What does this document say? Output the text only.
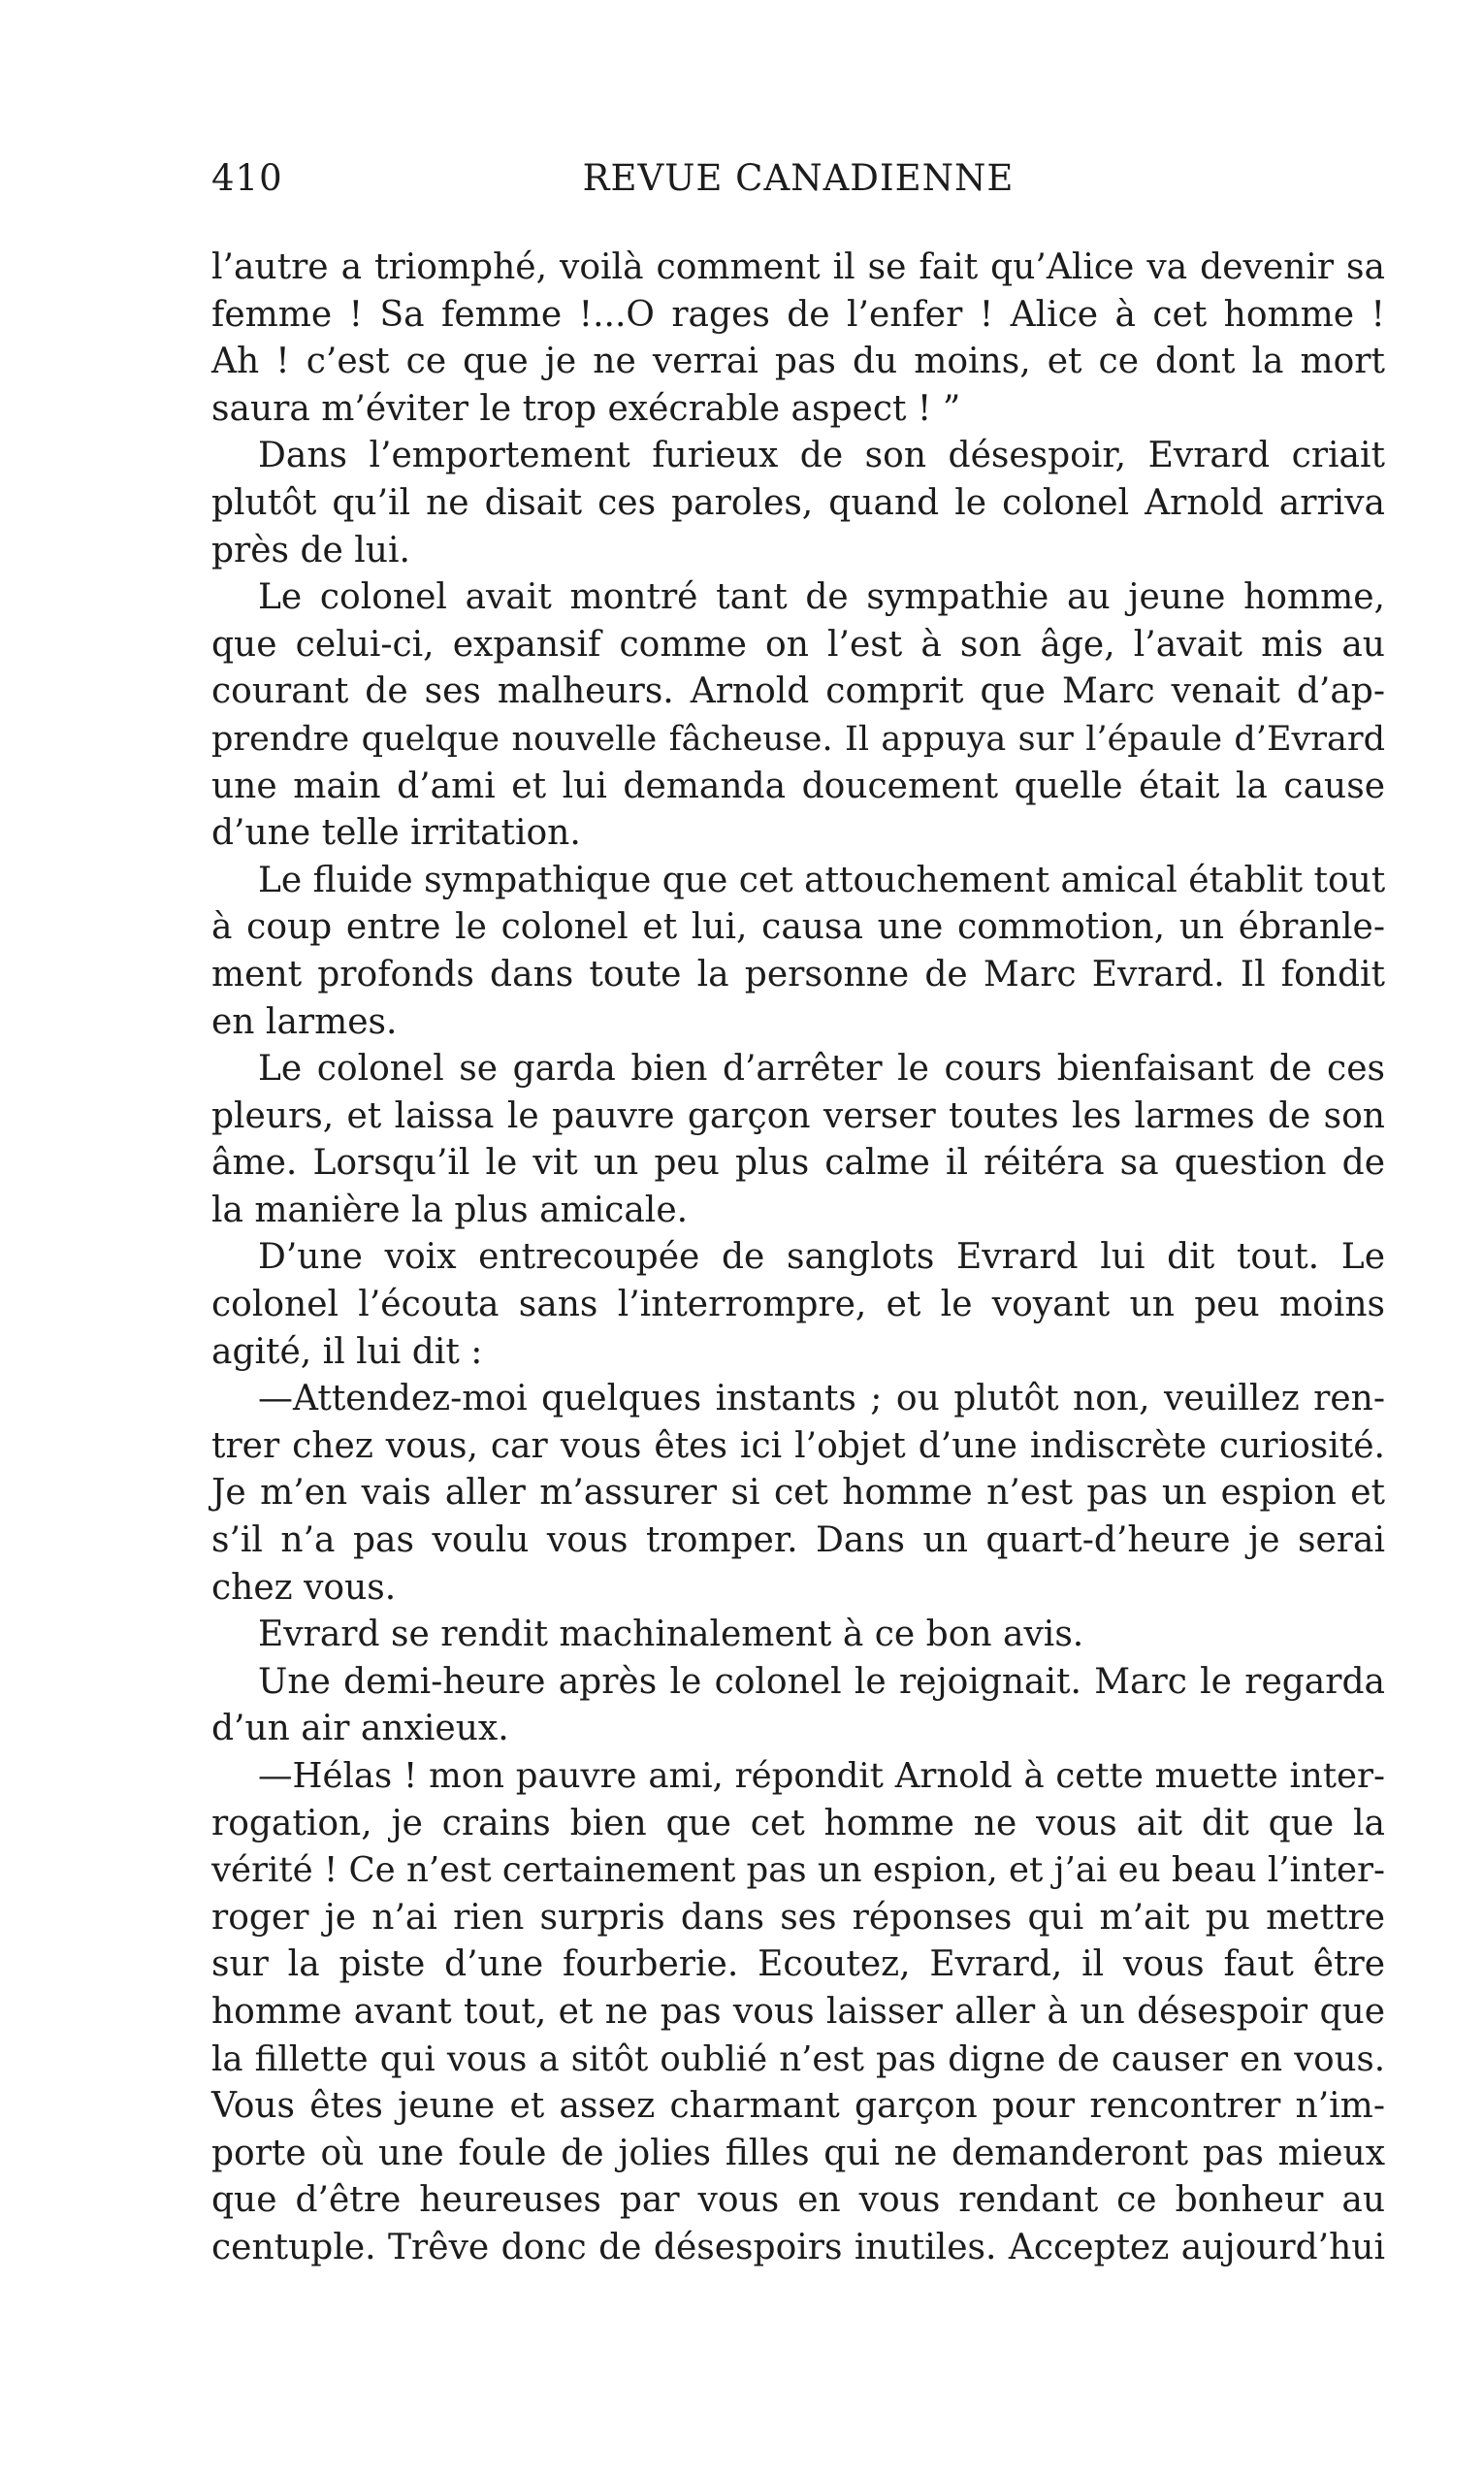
410	REVUE CANADIENNE
l’autre a triomphé, voilà comment il se fait qu’Alice va devenir sa
femme ! Sa femme !...O rages de l’enfer ! Alice à cet homme !
Ah ! c’est ce que je ne verrai pas du moins, et ce dont la mort
saura m’éviter le trop exécrable aspect ! ”
Dans l’emportement furieux de son désespoir, Evrard criait
plutôt qu’il ne disait ces paroles, quand le colonel Arnold arriva
près de lui.
Le colonel avait montré tant de sympathie au jeune homme,
que celui-ci, expansif comme on l’est à son âge, l’avait mis au
courant de ses malheurs. Arnold comprit que Marc venait d’ap-
prendre quelque nouvelle fâcheuse. Il appuya sur l’épaule d’Evrard
une main d’ami et lui demanda doucement quelle était la cause
d’une telle irritation.
Le fluide sympathique que cet attouchement amical établit tout
à coup entre le colonel et lui, causa une commotion, un ébranle-
ment profonds dans toute la personne de Marc Evrard. Il fondit
en larmes.
Le colonel se garda bien d’arrêter le cours bienfaisant de ces
pleurs, et laissa le pauvre garçon verser toutes les larmes de son
âme. Lorsqu’il le vit un peu plus calme il réitéra sa question de
la manière la plus amicale.
D’une voix entrecoupée de sanglots Evrard lui dit tout. Le
colonel l’écouta sans l’interrompre, et le voyant un peu moins
agité, il lui dit :
—Attendez-moi quelques instants ; ou plutôt non, veuillez ren-
trer chez vous, car vous êtes ici l’objet d’une indiscrète curiosité.
Je m’en vais aller m’assurer si cet homme n’est pas un espion et
s’il n’a pas voulu vous tromper. Dans un quart-d’heure je serai
chez vous.
Evrard se rendit machinalement à ce bon avis.
Une demi-heure après le colonel le rejoignait. Marc le regarda
d’un air anxieux.
—Hélas ! mon pauvre ami, répondit Arnold à cette muette inter-
rogation, je crains bien que cet homme ne vous ait dit que la
vérité ! Ce n’est certainement pas un espion, et j’ai eu beau l’inter-
roger je n’ai rien surpris dans ses réponses qui m’ait pu mettre
sur la piste d’une fourberie. Ecoutez, Evrard, il vous faut être
homme avant tout, et ne pas vous laisser aller à un désespoir que
la fillette qui vous a sitôt oublié n’est pas digne de causer en vous.
Vous êtes jeune et assez charmant garçon pour rencontrer n’im-
porte où une foule de jolies filles qui ne demanderont pas mieux
que d’être heureuses par vous en vous rendant ce bonheur au
centuple. Trêve donc de désespoirs inutiles. Acceptez aujourd’hui
